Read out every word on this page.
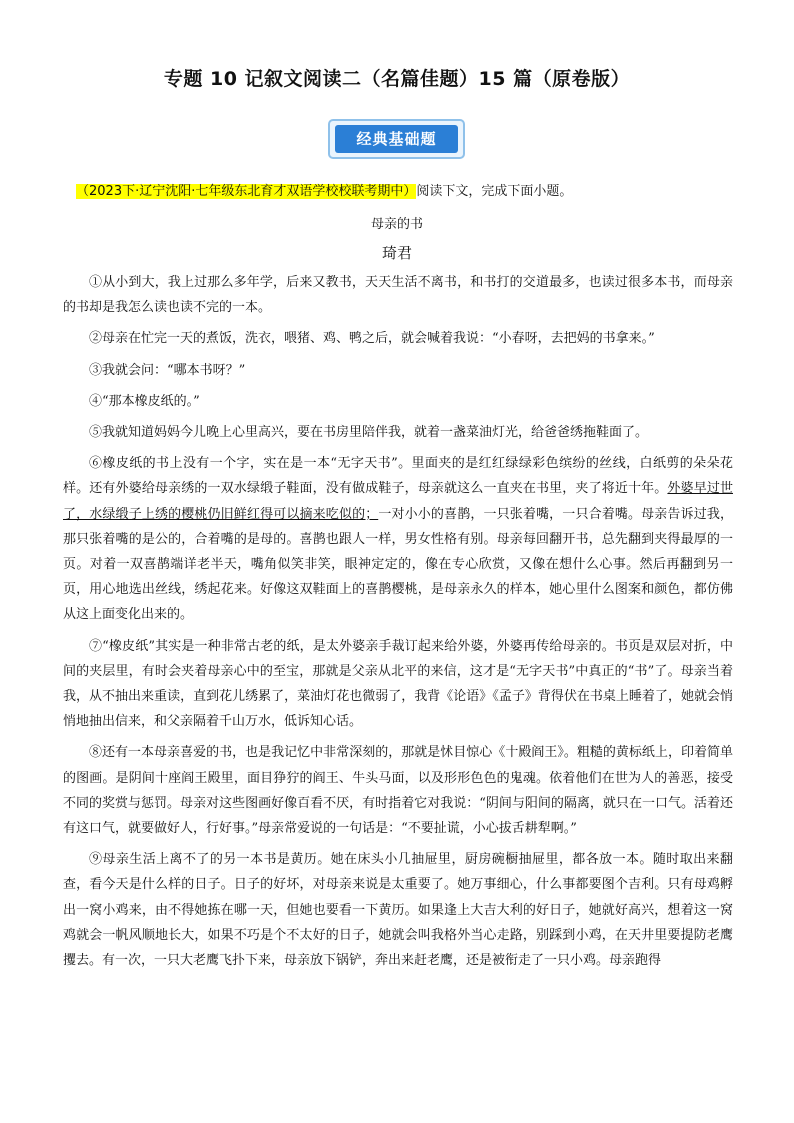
专题 10 记叙文阅读二（名篇佳题）15 篇（原卷版）
经典基础题
（2023下·辽宁沈阳·七年级东北育才双语学校校联考期中）阅读下文，完成下面小题。
母亲的书
琦君

①从小到大，我上过那么多年学，后来又教书，天天生活不离书，和书打的交道最多，也读过很多本书，而母亲的书却是我怎么读也读不完的一本。

②母亲在忙完一天的煮饭，洗衣，喂猪、鸡、鸭之后，就会喊着我说：“小春呀，去把妈的书拿来。”

③我就会问：“哪本书呀？”

④“那本橡皮纸的。”

⑤我就知道妈妈今儿晚上心里高兴，要在书房里陪伴我，就着一盏菜油灯光，给爸爸绣拖鞋面了。

⑥橡皮纸的书上没有一个字，实在是一本“无字天书”。里面夹的是红红绿绿彩色缤纷的丝线，白纸剪的朵朵花样。还有外婆给母亲绣的一双水绿缎子鞋面，没有做成鞋子，母亲就这么一直夹在书里，夹了将近十年。外婆早过世了，水绿缎子上绣的樱桃仍旧鲜红得可以摘来吃似的；一对小小的喜鹊，一只张着嘴，一只合着嘴。母亲告诉过我，那只张着嘴的是公的，合着嘴的是母的。喜鹊也跟人一样，男女性格有别。母亲每回翻开书，总先翻到夹得最厚的一页。对着一双喜鹊端详老半天，嘴角似笑非笑，眼神定定的，像在专心欣赏，又像在想什么心事。然后再翻到另一页，用心地选出丝线，绣起花来。好像这双鞋面上的喜鹊樱桃，是母亲永久的样本，她心里什么图案和颜色，都仿佛从这上面变化出来的。

⑦“橡皮纸”其实是一种非常古老的纸，是太外婆亲手裁订起来给外婆，外婆再传给母亲的。书页是双层对折，中间的夹层里，有时会夹着母亲心中的至宝，那就是父亲从北平的来信，这才是“无字天书”中真正的“书”了。母亲当着我，从不抽出来重读，直到花儿绣累了，菜油灯花也微弱了，我背《论语》《孟子》背得伏在书桌上睡着了，她就会悄悄地抽出信来，和父亲隔着千山万水，低诉知心话。

⑧还有一本母亲喜爱的书，也是我记忆中非常深刻的，那就是怵目惊心《十殿阎王》。粗糙的黄标纸上，印着简单的图画。是阴间十座阎王殿里，面目狰狞的阎王、牛头马面，以及形形色色的鬼魂。依着他们在世为人的善恶，接受不同的奖赏与惩罚。母亲对这些图画好像百看不厌，有时指着它对我说：“阴间与阳间的隔离，就只在一口气。活着还有这口气，就要做好人，行好事。”母亲常爱说的一句话是：“不要扯谎，小心拔舌耕犁啊。”

⑨母亲生活上离不了的另一本书是黄历。她在床头小几抽屉里，厨房碗橱抽屉里，都各放一本。随时取出来翻查，看今天是什么样的日子。日子的好坏，对母亲来说是太重要了。她万事细心，什么事都要图个吉利。只有母鸡孵出一窝小鸡来，由不得她拣在哪一天，但她也要看一下黄历。如果逢上大吉大利的好日子，她就好高兴，想着这一窝鸡就会一帆风顺地长大，如果不巧是个不太好的日子，她就会叫我格外当心走路，别踩到小鸡，在天井里要提防老鹰攫去。有一次，一只大老鹰飞扑下来，母亲放下锅铲，奔出来赶老鹰，还是被衔走了一只小鸡。母亲跑得
